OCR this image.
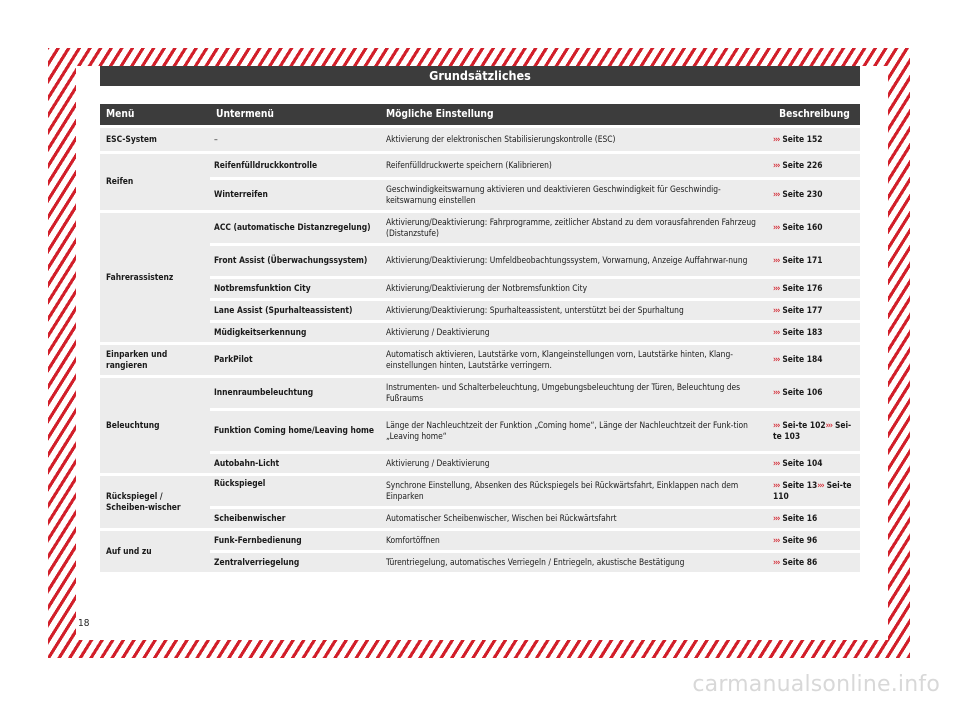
Grundsätzliches
Menü	Untermenü	Mögliche Einstellung	Beschreibung
ESC-System	–	Aktivierung der elektronischen Stabilisierungskontrolle (ESC)	››› Seite 152
Reifen	Reifenfülldruckkontrolle	Reifenfülldruckwerte speichern (Kalibrieren)	››› Seite 226
	Winterreifen	Geschwindigkeitswarnung aktivieren und deaktivieren Geschwindigkeit für Geschwindig-keitswarnung einstellen	››› Seite 230
Fahrerassistenz	ACC (automatische Distanzregelung)	Aktivierung/Deaktivierung: Fahrprogramme, zeitlicher Abstand zu dem vorausfahrenden Fahrzeug (Distanzstufe)	››› Seite 160
	Front Assist (Überwachungssystem)	Aktivierung/Deaktivierung: Umfeldbeobachtungssystem, Vorwarnung, Anzeige Auffahrwar-nung	››› Seite 171
	Notbremsfunktion City	Aktivierung/Deaktivierung der Notbremsfunktion City	››› Seite 176
	Lane Assist (Spurhalteassistent)	Aktivierung/Deaktivierung: Spurhalteassistent, unterstützt bei der Spurhaltung	››› Seite 177
	Müdigkeitserkennung	Aktivierung / Deaktivierung	››› Seite 183
Einparken und rangieren	ParkPilot	Automatisch aktivieren, Lautstärke vorn, Klangeinstellungen vorn, Lautstärke hinten, Klang-einstellungen hinten, Lautstärke verringern.	››› Seite 184
Beleuchtung	Innenraumbeleuchtung	Instrumenten- und Schalterbeleuchtung, Umgebungsbeleuchtung der Türen, Beleuchtung des Fußraums	››› Seite 106
	Funktion Coming home/Leaving home	Länge der Nachleuchtzeit der Funktion „Coming home“, Länge der Nachleuchtzeit der Funk-tion „Leaving home“	››› Sei-te 102››› Sei-te 103
	Autobahn-Licht	Aktivierung / Deaktivierung	››› Seite 104
Rückspiegel / Scheiben-wischer	Rückspiegel	Synchrone Einstellung, Absenken des Rückspiegels bei Rückwärtsfahrt, Einklappen nach dem Einparken	››› Seite 13››› Sei-te 110
	Scheibenwischer	Automatischer Scheibenwischer, Wischen bei Rückwärtsfahrt	››› Seite 16
Auf und zu	Funk-Fernbedienung	Komfortöffnen	››› Seite 96
	Zentralverriegelung	Türentriegelung, automatisches Verriegeln / Entriegeln, akustische Bestätigung	››› Seite 86
18
carmanualsonline.info
